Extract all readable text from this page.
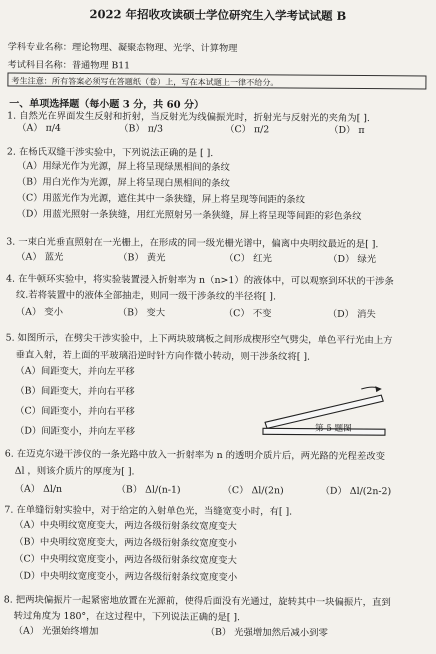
2022 年招收攻读硕士学位研究生入学考试试题 B
学科专业名称：理论物理、凝聚态物理、光学、计算物理
考试科目名称：普通物理 B11
考生注意：所有答案必须写在答题纸（卷）上，写在本试题上一律不给分。
一、单项选择题（每小题 3 分，共 60 分）
1. 自然光在界面发生反射和折射，当反射光为线偏振光时，折射光与反射光的夹角为[ ].
（A） π/4	（B） π/3	（C） π/2	（D） π
2. 在杨氏双缝干涉实验中，下列说法正确的是 [ ].
（A）用绿光作为光源，屏上将呈现绿黑相间的条纹
（B）用白光作为光源，屏上将呈现白黑相间的条纹
（C）用蓝光作为光源，遮住其中一条狭缝，屏上将呈现等间距的条纹
（D）用蓝光照射一条狭缝，用红光照射另一条狭缝，屏上将呈现等间距的彩色条纹
3. 一束白光垂直照射在一光栅上，在形成的同一级光栅光谱中，偏离中央明纹最近的是[ ].
（A） 蓝光	（B） 黄光	（C） 红光	（D） 绿光
4. 在牛顿环实验中，将实验装置浸入折射率为 n（n>1）的液体中，可以观察到环状的干涉条
纹.若将装置中的液体全部抽走，则同一级干涉条纹的半径将[ ].
（A） 变小	（B） 变大	（C） 不变	（D） 消失
5. 如图所示，在劈尖干涉实验中，上下两块玻璃板之间形成楔形空气劈尖，单色平行光由上方
垂直入射，若上面的平玻璃沿逆时针方向作微小转动，则干涉条纹将[ ].
（A）间距变大，并向左平移
（B）间距变大，并向右平移
（C）间距变小，并向右平移
（D）间距变小，并向左平移	第 5 题图
6. 在迈克尔逊干涉仪的一条光路中放入一折射率为 n 的透明介质片后，两光路的光程差改变
Δl ，则该介质片的厚度为[ ].
（A） Δl/n	（B） Δl/(n-1)	（C） Δl/(2n)	（D） Δl/(2n-2)
7. 在单缝衍射实验中，对于给定的入射单色光，当缝宽变小时，有[ ].
（A）中央明纹宽度变大，两边各级衍射条纹宽度变大
（B）中央明纹宽度变大，两边各级衍射条纹宽度变小
（C）中央明纹宽度变小，两边各级衍射条纹宽度变大
（D）中央明纹宽度变小，两边各级衍射条纹宽度变小
8. 把两块偏振片一起紧密地放置在光源前，使得后面没有光通过，旋转其中一块偏振片，直到
转过角度为 180°，在这过程中，下列说法正确的是[ ].
（A） 光强始终增加	（B） 光强增加然后减小到零
